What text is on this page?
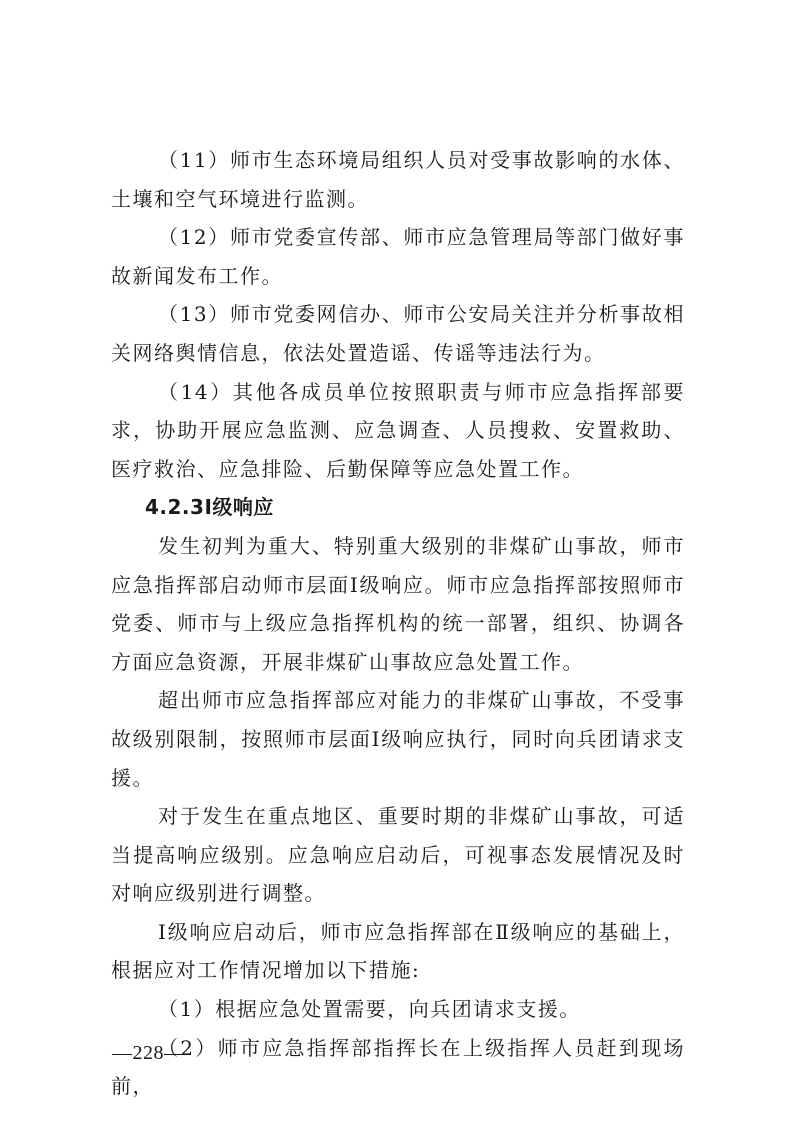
（11）师市生态环境局组织人员对受事故影响的水体、土壤和空气环境进行监测。

（12）师市党委宣传部、师市应急管理局等部门做好事故新闻发布工作。

（13）师市党委网信办、师市公安局关注并分析事故相关网络舆情信息，依法处置造谣、传谣等违法行为。

（14）其他各成员单位按照职责与师市应急指挥部要求，协助开展应急监测、应急调查、人员搜救、安置救助、医疗救治、应急排险、后勤保障等应急处置工作。

4.2.3Ⅰ级响应

发生初判为重大、特别重大级别的非煤矿山事故，师市应急指挥部启动师市层面Ⅰ级响应。师市应急指挥部按照师市党委、师市与上级应急指挥机构的统一部署，组织、协调各方面应急资源，开展非煤矿山事故应急处置工作。

超出师市应急指挥部应对能力的非煤矿山事故，不受事故级别限制，按照师市层面Ⅰ级响应执行，同时向兵团请求支援。

对于发生在重点地区、重要时期的非煤矿山事故，可适当提高响应级别。应急响应启动后，可视事态发展情况及时对响应级别进行调整。

Ⅰ级响应启动后，师市应急指挥部在Ⅱ级响应的基础上，根据应对工作情况增加以下措施:

（1）根据应急处置需要，向兵团请求支援。

（2）师市应急指挥部指挥长在上级指挥人员赶到现场前，

—228—
